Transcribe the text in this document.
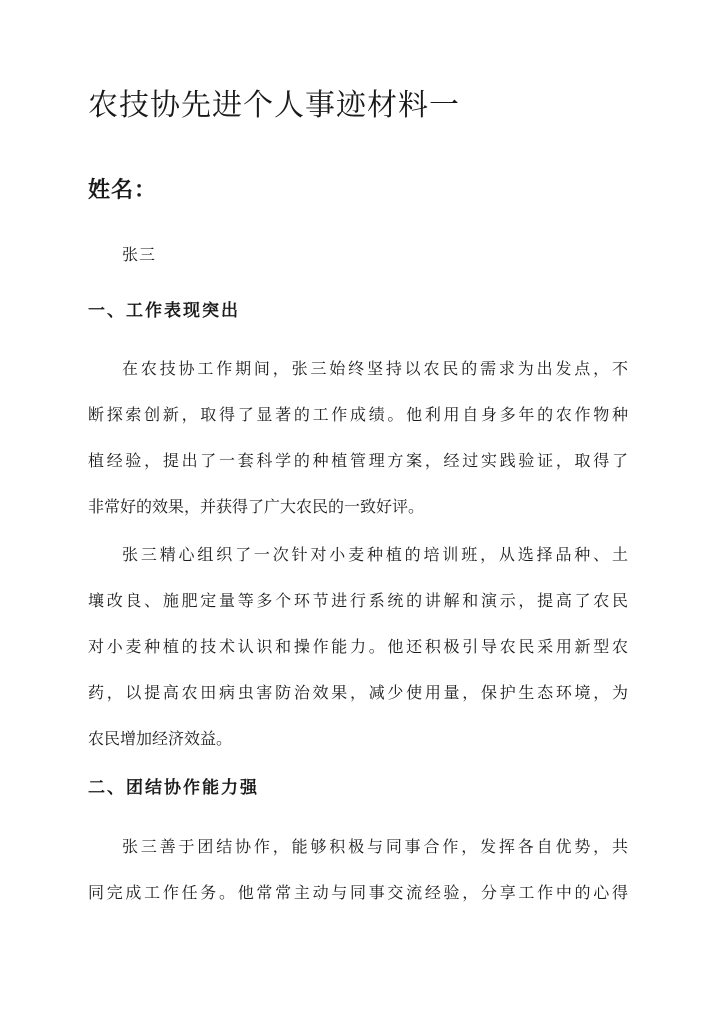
农技协先进个人事迹材料一
姓名：
张三
一、工作表现突出
在农技协工作期间，张三始终坚持以农民的需求为出发点，不
断探索创新，取得了显著的工作成绩。他利用自身多年的农作物种
植经验，提出了一套科学的种植管理方案，经过实践验证，取得了
非常好的效果，并获得了广大农民的一致好评。
张三精心组织了一次针对小麦种植的培训班，从选择品种、土
壤改良、施肥定量等多个环节进行系统的讲解和演示，提高了农民
对小麦种植的技术认识和操作能力。他还积极引导农民采用新型农
药，以提高农田病虫害防治效果，减少使用量，保护生态环境，为
农民增加经济效益。
二、团结协作能力强
张三善于团结协作，能够积极与同事合作，发挥各自优势，共
同完成工作任务。他常常主动与同事交流经验，分享工作中的心得
